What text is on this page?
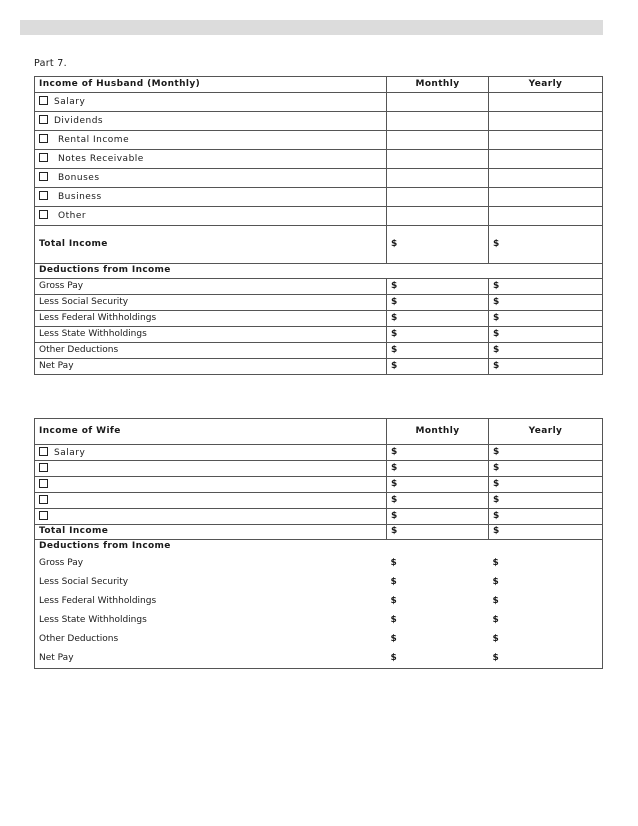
Part 7.
Income of Husband (Monthly)	Monthly	Yearly
Salary		
Dividends		
Rental Income		
Notes Receivable		
Bonuses		
Business		
Other		
Total Income	$	$
Deductions from Income		
Gross Pay	$	$
Less Social Security	$	$
Less Federal Withholdings	$	$
Less State Withholdings	$	$
Other Deductions	$	$
Net Pay	$	$
Income of Wife	Monthly	Yearly
Salary	$	$
	$	$
	$	$
	$	$
	$	$
Total Income	$	$
Deductions from Income		
Gross Pay	$	$
Less Social Security	$	$
Less Federal Withholdings	$	$
Less State Withholdings	$	$
Other Deductions	$	$
Net Pay	$	$
